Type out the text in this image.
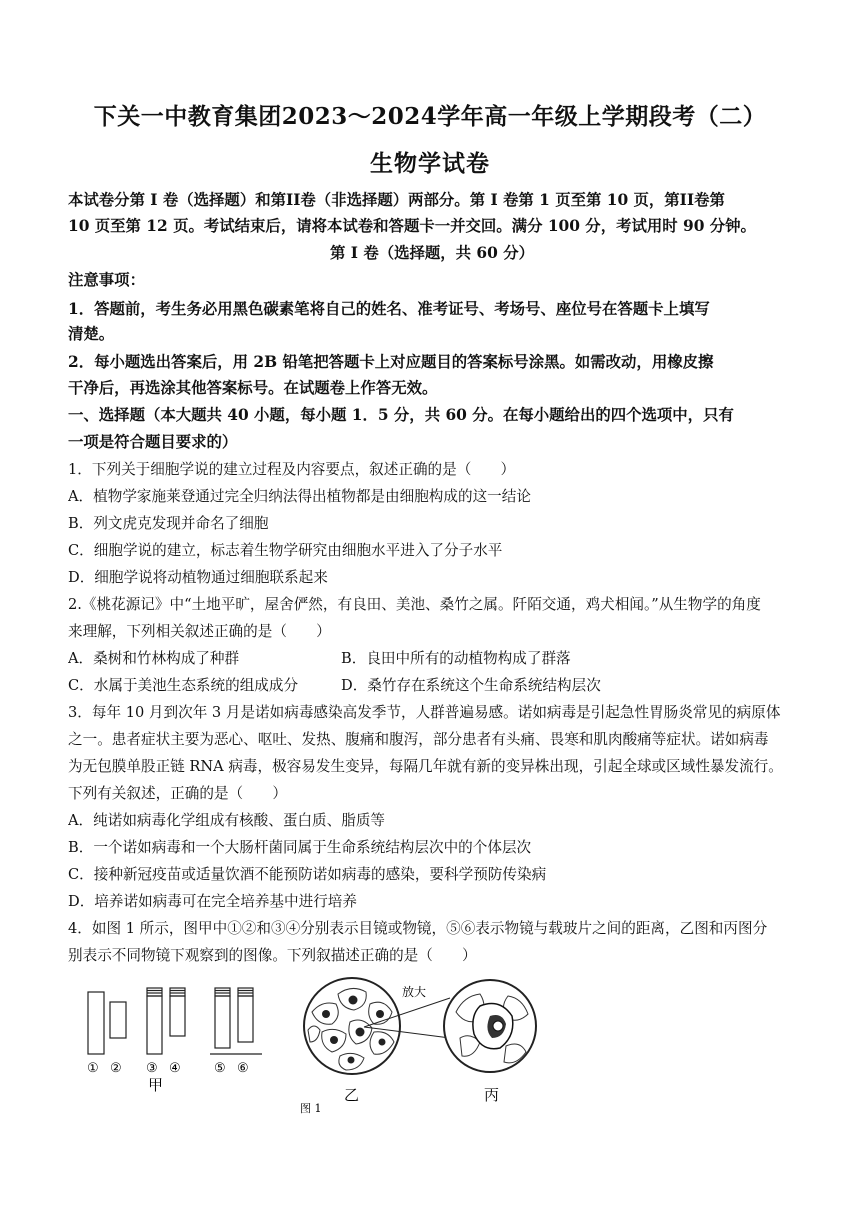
下关一中教育集团2023～2024学年高一年级上学期段考（二）
生物学试卷
本试卷分第 I 卷（选择题）和第II卷（非选择题）两部分。第 I 卷第 1 页至第 10 页，第II卷第
10 页至第 12 页。考试结束后，请将本试卷和答题卡一并交回。满分 100 分，考试用时 90 分钟。
第 I 卷（选择题，共 60 分）
注意事项：
1．答题前，考生务必用黑色碳素笔将自己的姓名、准考证号、考场号、座位号在答题卡上填写
清楚。
2．每小题选出答案后，用 2B 铅笔把答题卡上对应题目的答案标号涂黑。如需改动，用橡皮擦
干净后，再选涂其他答案标号。在试题卷上作答无效。
一、选择题（本大题共 40 小题，每小题 1．5 分，共 60 分。在每小题给出的四个选项中，只有
一项是符合题目要求的）
1．下列关于细胞学说的建立过程及内容要点，叙述正确的是（　　）
A．植物学家施莱登通过完全归纳法得出植物都是由细胞构成的这一结论
B．列文虎克发现并命名了细胞
C．细胞学说的建立，标志着生物学研究由细胞水平进入了分子水平
D．细胞学说将动植物通过细胞联系起来
2.《桃花源记》中“土地平旷，屋舍俨然，有良田、美池、桑竹之属。阡陌交通，鸡犬相闻。”从生物学的角度
来理解，下列相关叙述正确的是（　　）
A．桑树和竹林构成了种群	B．良田中所有的动植物构成了群落
C．水属于美池生态系统的组成成分	D．桑竹存在系统这个生命系统结构层次
3．每年 10 月到次年 3 月是诺如病毒感染高发季节，人群普遍易感。诺如病毒是引起急性胃肠炎常见的病原体
之一。患者症状主要为恶心、呕吐、发热、腹痛和腹泻，部分患者有头痛、畏寒和肌肉酸痛等症状。诺如病毒
为无包膜单股正链 RNA 病毒，极容易发生变异，每隔几年就有新的变异株出现，引起全球或区域性暴发流行。
下列有关叙述，正确的是（　　）
A．纯诺如病毒化学组成有核酸、蛋白质、脂质等
B．一个诺如病毒和一个大肠杆菌同属于生命系统结构层次中的个体层次
C．接种新冠疫苗或适量饮酒不能预防诺如病毒的感染，要科学预防传染病
D．培养诺如病毒可在完全培养基中进行培养
4．如图 1 所示，图甲中①②和③④分别表示目镜或物镜，⑤⑥表示物镜与载玻片之间的距离，乙图和丙图分
别表示不同物镜下观察到的图像。下列叙描述正确的是（　　）
① ② ③ ④	⑤ ⑥
甲
乙
放大
丙
图 1
